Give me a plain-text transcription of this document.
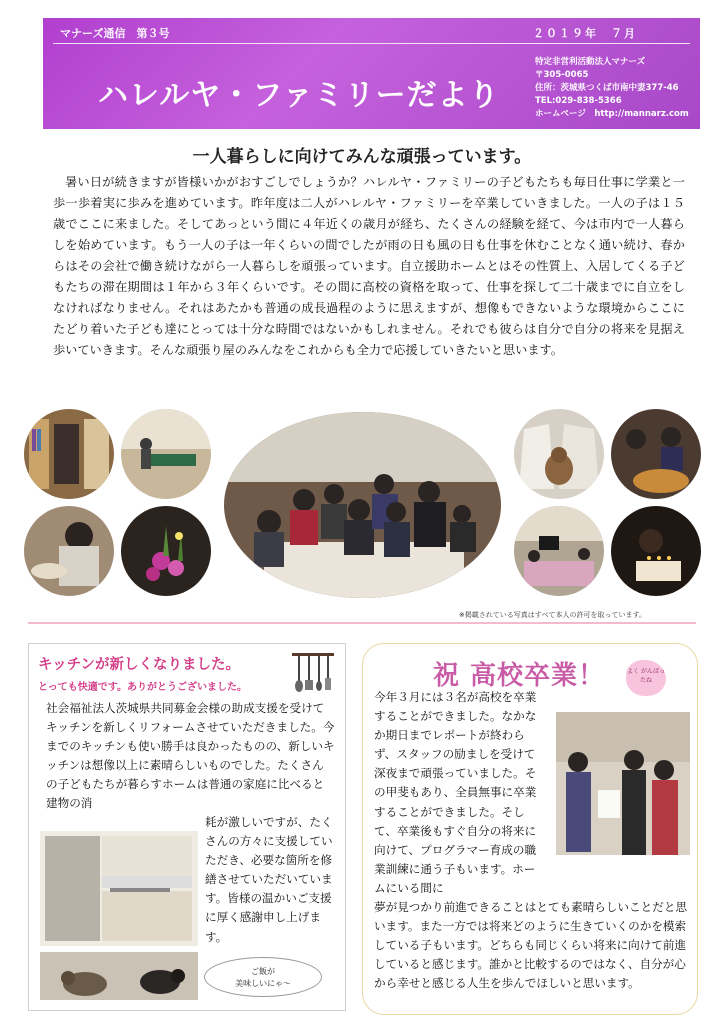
マナーズ通信　第３号	２０１９年　７月
ハレルヤ・ファミリーだより
特定非営利活動法人マナーズ
〒305-0065
住所：茨城県つくば市南中妻377-46
TEL:029-838-5366
ホームページ　http://mannarz.com
一人暮らしに向けてみんな頑張っています。
暑い日が続きますが皆様いかがおすごしでしょうか？ハレルヤ・ファミリーの子どもたちも毎日仕事に学業と一歩一歩着実に歩みを進めています。昨年度は二人がハレルヤ・ファミリーを卒業していきました。一人の子は１５歳でここに来ました。そしてあっという間に４年近くの歳月が経ち、たくさんの経験を経て、今は市内で一人暮らしを始めています。もう一人の子は一年くらいの間でしたが雨の日も風の日も仕事を休むことなく通い続け、春からはその会社で働き続けながら一人暮らしを頑張っています。自立援助ホームとはその性質上、入居してくる子どもたちの滞在期間は１年から３年くらいです。その間に高校の資格を取って、仕事を探して二十歳までに自立をしなければなりません。それはあたかも普通の成長過程のように思えますが、想像もできないような環境からここにたどり着いた子ども達にとっては十分な時間ではないかもしれません。それでも彼らは自分で自分の将来を見据え歩いていきます。そんな頑張り屋のみんなをこれからも全力で応援していきたいと思います。
※掲載されている写真はすべて本人の許可を取っています。
キッチンが新しくなりました。
とっても快適です。ありがとうございました。
社会福祉法人茨城県共同募金会様の助成支援を受けてキッチンを新しくリフォームさせていただきました。今までのキッチンも使い勝手は良かったものの、新しいキッチンは想像以上に素晴らしいものでした。たくさんの子どもたちが暮らすホームは普通の家庭に比べると建物の消
耗が激しいですが、たくさんの方々に支援していただき、必要な箇所を修繕させていただいています。皆様の温かいご支援に厚く感謝申し上げます。
ご飯が
美味しいにゃ～
祝 高校卒業！	よく がんばったね
今年３月には３名が高校を卒業することができました。なかなか期日までレポートが終わらず、スタッフの励ましを受けて深夜まで頑張っていました。その甲斐もあり、全員無事に卒業することができました。そして、卒業後もすぐ自分の将来に向けて、プログラマー育成の職業訓練に通う子もいます。ホームにいる間に
夢が見つかり前進できることはとても素晴らしいことだと思います。また一方では将来どのように生きていくのかを模索している子もいます。どちらも同じくらい将来に向けて前進していると感じます。誰かと比較するのではなく、自分が心から幸せと感じる人生を歩んでほしいと思います。
